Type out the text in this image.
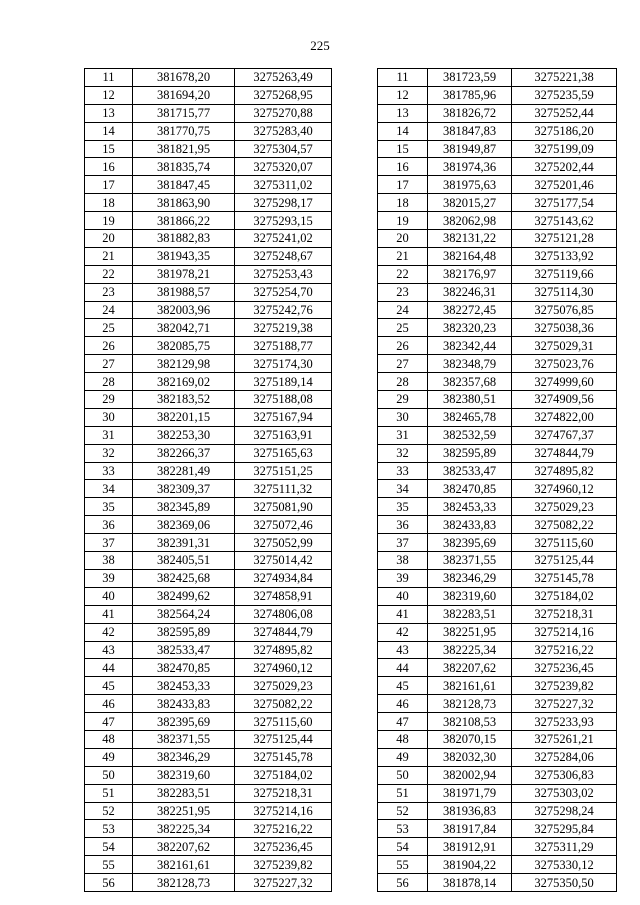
225
11	381678,20	3275263,49
12	381694,20	3275268,95
13	381715,77	3275270,88
14	381770,75	3275283,40
15	381821,95	3275304,57
16	381835,74	3275320,07
17	381847,45	3275311,02
18	381863,90	3275298,17
19	381866,22	3275293,15
20	381882,83	3275241,02
21	381943,35	3275248,67
22	381978,21	3275253,43
23	381988,57	3275254,70
24	382003,96	3275242,76
25	382042,71	3275219,38
26	382085,75	3275188,77
27	382129,98	3275174,30
28	382169,02	3275189,14
29	382183,52	3275188,08
30	382201,15	3275167,94
31	382253,30	3275163,91
32	382266,37	3275165,63
33	382281,49	3275151,25
34	382309,37	3275111,32
35	382345,89	3275081,90
36	382369,06	3275072,46
37	382391,31	3275052,99
38	382405,51	3275014,42
39	382425,68	3274934,84
40	382499,62	3274858,91
41	382564,24	3274806,08
42	382595,89	3274844,79
43	382533,47	3274895,82
44	382470,85	3274960,12
45	382453,33	3275029,23
46	382433,83	3275082,22
47	382395,69	3275115,60
48	382371,55	3275125,44
49	382346,29	3275145,78
50	382319,60	3275184,02
51	382283,51	3275218,31
52	382251,95	3275214,16
53	382225,34	3275216,22
54	382207,62	3275236,45
55	382161,61	3275239,82
56	382128,73	3275227,32
11	381723,59	3275221,38
12	381785,96	3275235,59
13	381826,72	3275252,44
14	381847,83	3275186,20
15	381949,87	3275199,09
16	381974,36	3275202,44
17	381975,63	3275201,46
18	382015,27	3275177,54
19	382062,98	3275143,62
20	382131,22	3275121,28
21	382164,48	3275133,92
22	382176,97	3275119,66
23	382246,31	3275114,30
24	382272,45	3275076,85
25	382320,23	3275038,36
26	382342,44	3275029,31
27	382348,79	3275023,76
28	382357,68	3274999,60
29	382380,51	3274909,56
30	382465,78	3274822,00
31	382532,59	3274767,37
32	382595,89	3274844,79
33	382533,47	3274895,82
34	382470,85	3274960,12
35	382453,33	3275029,23
36	382433,83	3275082,22
37	382395,69	3275115,60
38	382371,55	3275125,44
39	382346,29	3275145,78
40	382319,60	3275184,02
41	382283,51	3275218,31
42	382251,95	3275214,16
43	382225,34	3275216,22
44	382207,62	3275236,45
45	382161,61	3275239,82
46	382128,73	3275227,32
47	382108,53	3275233,93
48	382070,15	3275261,21
49	382032,30	3275284,06
50	382002,94	3275306,83
51	381971,79	3275303,02
52	381936,83	3275298,24
53	381917,84	3275295,84
54	381912,91	3275311,29
55	381904,22	3275330,12
56	381878,14	3275350,50
